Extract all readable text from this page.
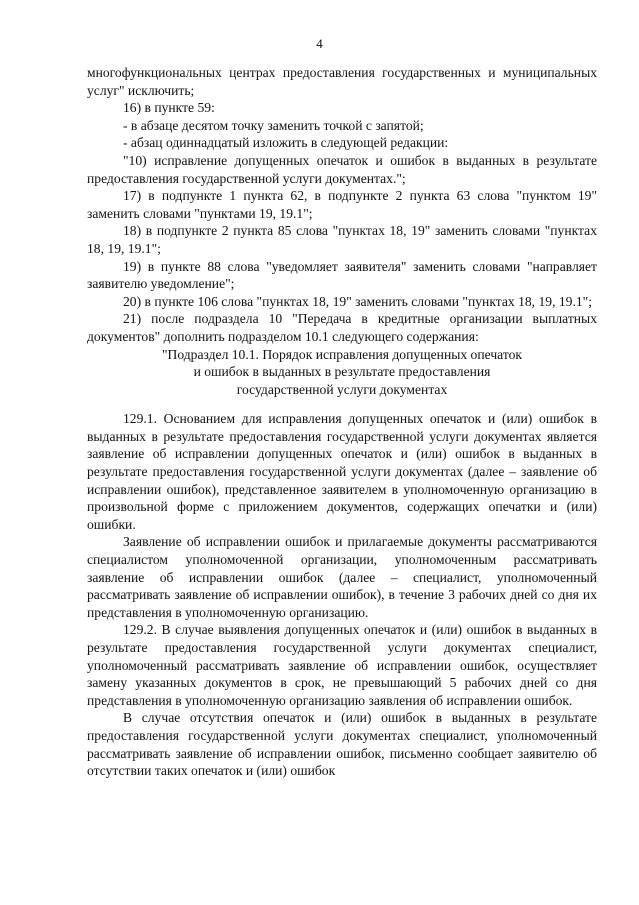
4

многофункциональных центрах предоставления государственных и муниципальных услуг" исключить;

16) в пункте 59:

- в абзаце десятом точку заменить точкой с запятой;

- абзац одиннадцатый изложить в следующей редакции:

"10) исправление допущенных опечаток и ошибок в выданных в результате предоставления государственной услуги документах.";

17) в подпункте 1 пункта 62, в подпункте 2 пункта 63 слова "пунктом 19" заменить словами "пунктами 19, 19.1";

18) в подпункте 2 пункта 85 слова "пунктах 18, 19" заменить словами "пунктах 18, 19, 19.1";

19) в пункте 88 слова "уведомляет заявителя" заменить словами "направляет заявителю уведомление";

20) в пункте 106 слова "пунктах 18, 19" заменить словами "пунктах 18, 19, 19.1";

21) после подраздела 10 "Передача в кредитные организации выплатных документов" дополнить подразделом 10.1 следующего содержания:

"Подраздел 10.1. Порядок исправления допущенных опечаток

и ошибок в выданных в результате предоставления

государственной услуги документах

129.1. Основанием для исправления допущенных опечаток и (или) ошибок в выданных в результате предоставления государственной услуги документах является заявление об исправлении допущенных опечаток и (или) ошибок в выданных в результате предоставления государственной услуги документах (далее – заявление об исправлении ошибок), представленное заявителем в уполномоченную организацию в произвольной форме с приложением документов, содержащих опечатки и (или) ошибки.

Заявление об исправлении ошибок и прилагаемые документы рассматриваются специалистом уполномоченной организации, уполномоченным рассматривать заявление об исправлении ошибок (далее – специалист, уполномоченный рассматривать заявление об исправлении ошибок), в течение 3 рабочих дней со дня их представления в уполномоченную организацию.

129.2. В случае выявления допущенных опечаток и (или) ошибок в выданных в результате предоставления государственной услуги документах специалист, уполномоченный рассматривать заявление об исправлении ошибок, осуществляет замену указанных документов в срок, не превышающий 5 рабочих дней со дня представления в уполномоченную организацию заявления об исправлении ошибок.

В случае отсутствия опечаток и (или) ошибок в выданных в результате предоставления государственной услуги документах специалист, уполномоченный рассматривать заявление об исправлении ошибок, письменно сообщает заявителю об отсутствии таких опечаток и (или) ошибок
